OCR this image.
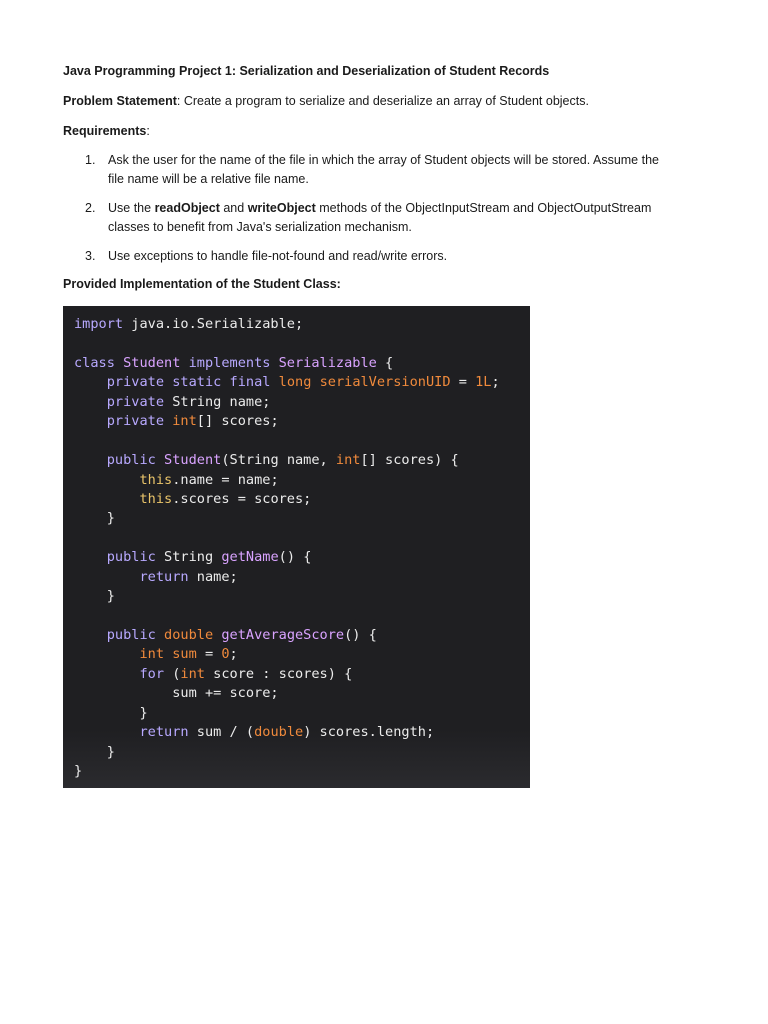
Java Programming Project 1: Serialization and Deserialization of Student Records
Problem Statement: Create a program to serialize and deserialize an array of Student objects.
Requirements:
1. Ask the user for the name of the file in which the array of Student objects will be stored. Assume the
file name will be a relative file name.
2. Use the readObject and writeObject methods of the ObjectInputStream and ObjectOutputStream
classes to benefit from Java's serialization mechanism.
3. Use exceptions to handle file-not-found and read/write errors.
Provided Implementation of the Student Class:
import java.io.Serializable;

class Student implements Serializable {
private static final long serialVersionUID = 1L;
private String name;
private int[] scores;

public Student(String name, int[] scores) {
this.name = name;
this.scores = scores;
}

public String getName() {
return name;
}

public double getAverageScore() {
int sum = 0;
for (int score : scores) {
sum += score;
}
return sum / (double) scores.length;
}
}
